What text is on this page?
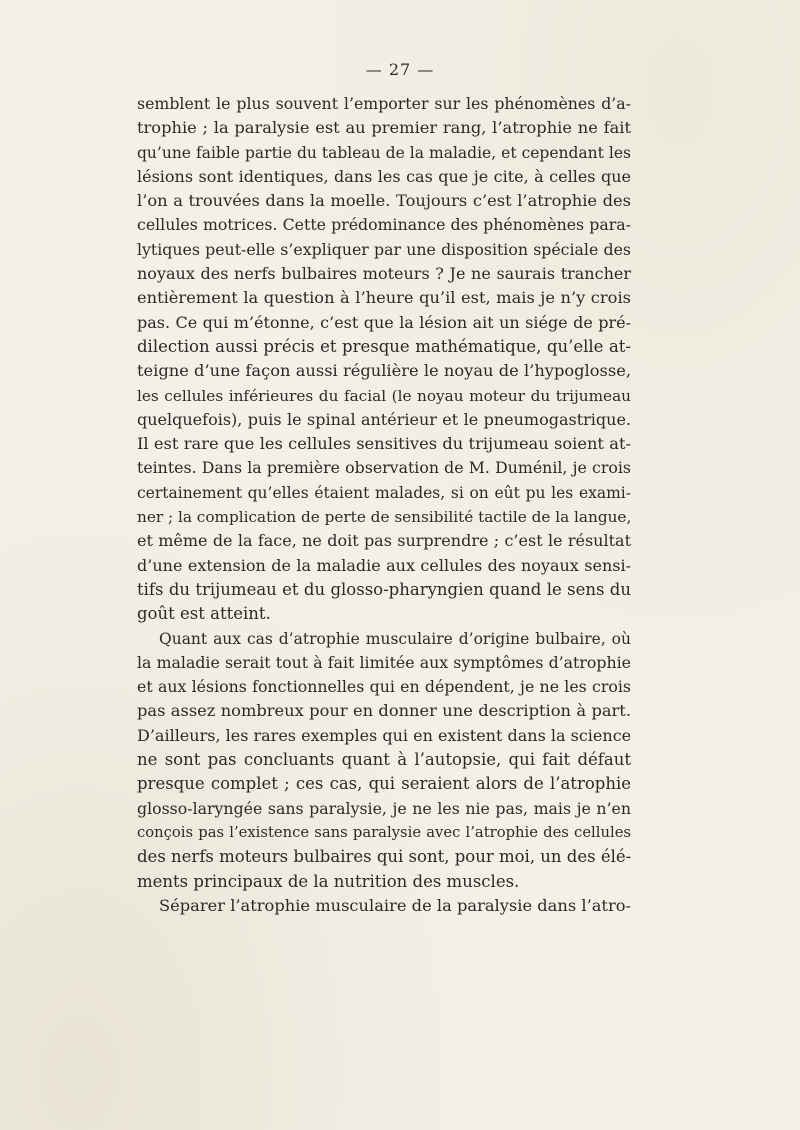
— 27 —
semblent le plus souvent l’emporter sur les phénomènes d’a-
trophie ; la paralysie est au premier rang, l’atrophie ne fait
qu’une faible partie du tableau de la maladie, et cependant les
lésions sont identiques, dans les cas que je cite, à celles que
l’on a trouvées dans la moelle. Toujours c’est l’atrophie des
cellules motrices. Cette prédominance des phénomènes para-
lytiques peut-elle s’expliquer par une disposition spéciale des
noyaux des nerfs bulbaires moteurs ? Je ne saurais trancher
entièrement la question à l’heure qu’il est, mais je n’y crois
pas. Ce qui m’étonne, c’est que la lésion ait un siége de pré-
dilection aussi précis et presque mathématique, qu’elle at-
teigne d’une façon aussi régulière le noyau de l’hypoglosse,
les cellules inférieures du facial (le noyau moteur du trijumeau
quelquefois), puis le spinal antérieur et le pneumogastrique.
Il est rare que les cellules sensitives du trijumeau soient at-
teintes. Dans la première observation de M. Duménil, je crois
certainement qu’elles étaient malades, si on eût pu les exami-
ner ; la complication de perte de sensibilité tactile de la langue,
et même de la face, ne doit pas surprendre ; c’est le résultat
d’une extension de la maladie aux cellules des noyaux sensi-
tifs du trijumeau et du glosso-pharyngien quand le sens du
goût est atteint.
Quant aux cas d’atrophie musculaire d’origine bulbaire, où
la maladie serait tout à fait limitée aux symptômes d’atrophie
et aux lésions fonctionnelles qui en dépendent, je ne les crois
pas assez nombreux pour en donner une description à part.
D’ailleurs, les rares exemples qui en existent dans la science
ne sont pas concluants quant à l’autopsie, qui fait défaut
presque complet ; ces cas, qui seraient alors de l’atrophie
glosso-laryngée sans paralysie, je ne les nie pas, mais je n’en
conçois pas l’existence sans paralysie avec l’atrophie des cellules
des nerfs moteurs bulbaires qui sont, pour moi, un des élé-
ments principaux de la nutrition des muscles.
Séparer l’atrophie musculaire de la paralysie dans l’atro-
